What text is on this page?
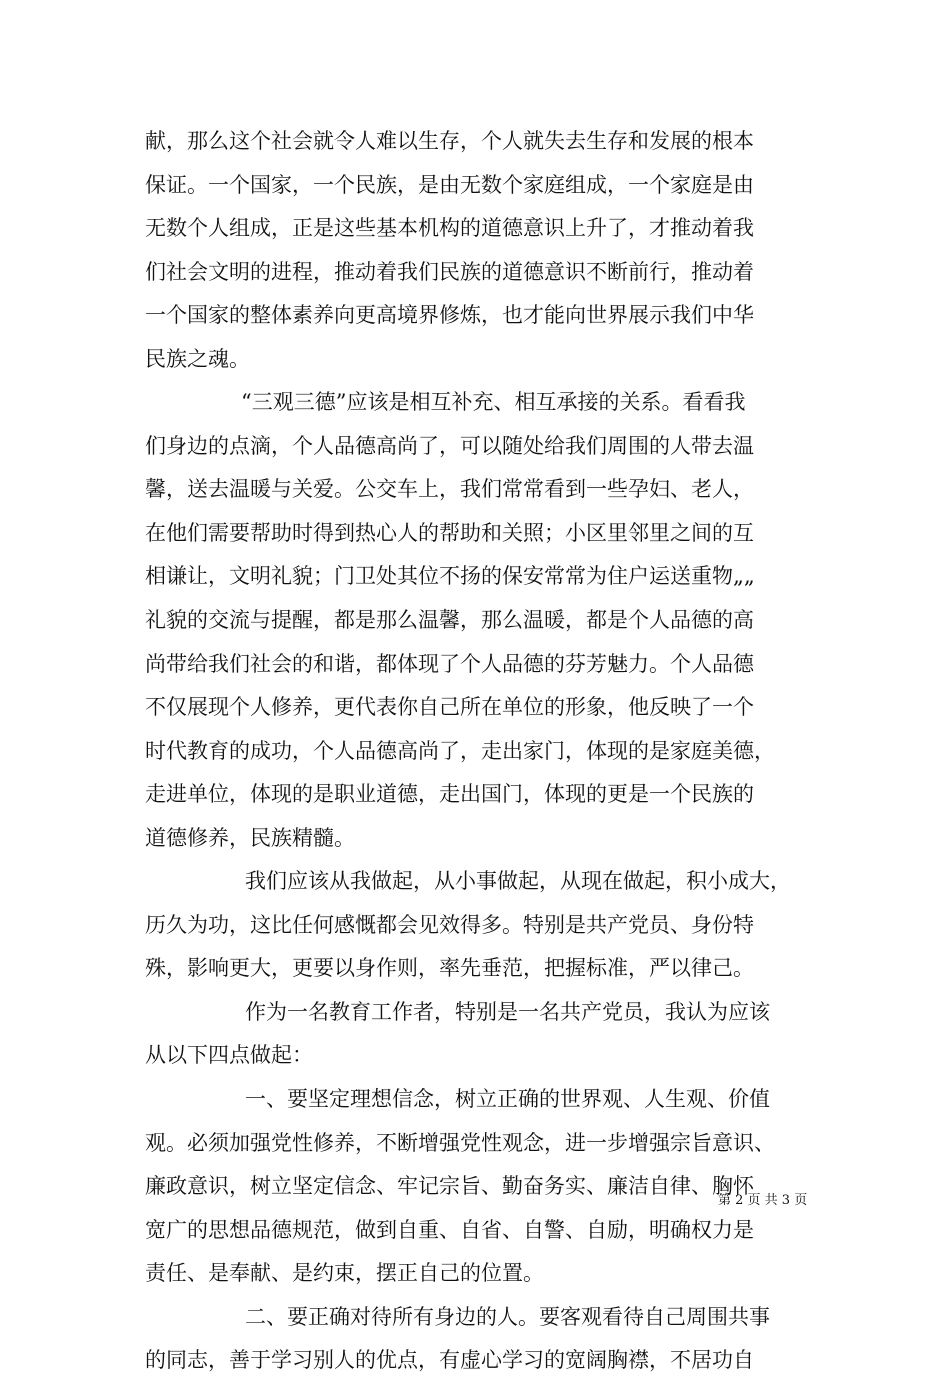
献，那么这个社会就令人难以生存，个人就失去生存和发展的根本
保证。一个国家，一个民族，是由无数个家庭组成，一个家庭是由
无数个人组成，正是这些基本机构的道德意识上升了，才推动着我
们社会文明的进程，推动着我们民族的道德意识不断前行，推动着
一个国家的整体素养向更高境界修炼，也才能向世界展示我们中华
民族之魂。
“三观三德”应该是相互补充、相互承接的关系。看看我
们身边的点滴，个人品德高尚了，可以随处给我们周围的人带去温
馨，送去温暖与关爱。公交车上，我们常常看到一些孕妇、老人，
在他们需要帮助时得到热心人的帮助和关照；小区里邻里之间的互
相谦让，文明礼貌；门卫处其位不扬的保安常常为住户运送重物„„
礼貌的交流与提醒，都是那么温馨，那么温暖，都是个人品德的高
尚带给我们社会的和谐，都体现了个人品德的芬芳魅力。个人品德
不仅展现个人修养，更代表你自己所在单位的形象，他反映了一个
时代教育的成功，个人品德高尚了，走出家门，体现的是家庭美德，
走进单位，体现的是职业道德，走出国门，体现的更是一个民族的
道德修养，民族精髓。
我们应该从我做起，从小事做起，从现在做起，积小成大，
历久为功，这比任何感慨都会见效得多。特别是共产党员、身份特
殊，影响更大，更要以身作则，率先垂范，把握标准，严以律己。
作为一名教育工作者，特别是一名共产党员，我认为应该
从以下四点做起：
一、要坚定理想信念，树立正确的世界观、人生观、价值
观。必须加强党性修养，不断增强党性观念，进一步增强宗旨意识、
廉政意识，树立坚定信念、牢记宗旨、勤奋务实、廉洁自律、胸怀
宽广的思想品德规范，做到自重、自省、自警、自励，明确权力是
责任、是奉献、是约束，摆正自己的位置。
二、要正确对待所有身边的人。要客观看待自己周围共事
的同志，善于学习别人的优点，有虚心学习的宽阔胸襟，不居功自
第 2 页 共 3 页
